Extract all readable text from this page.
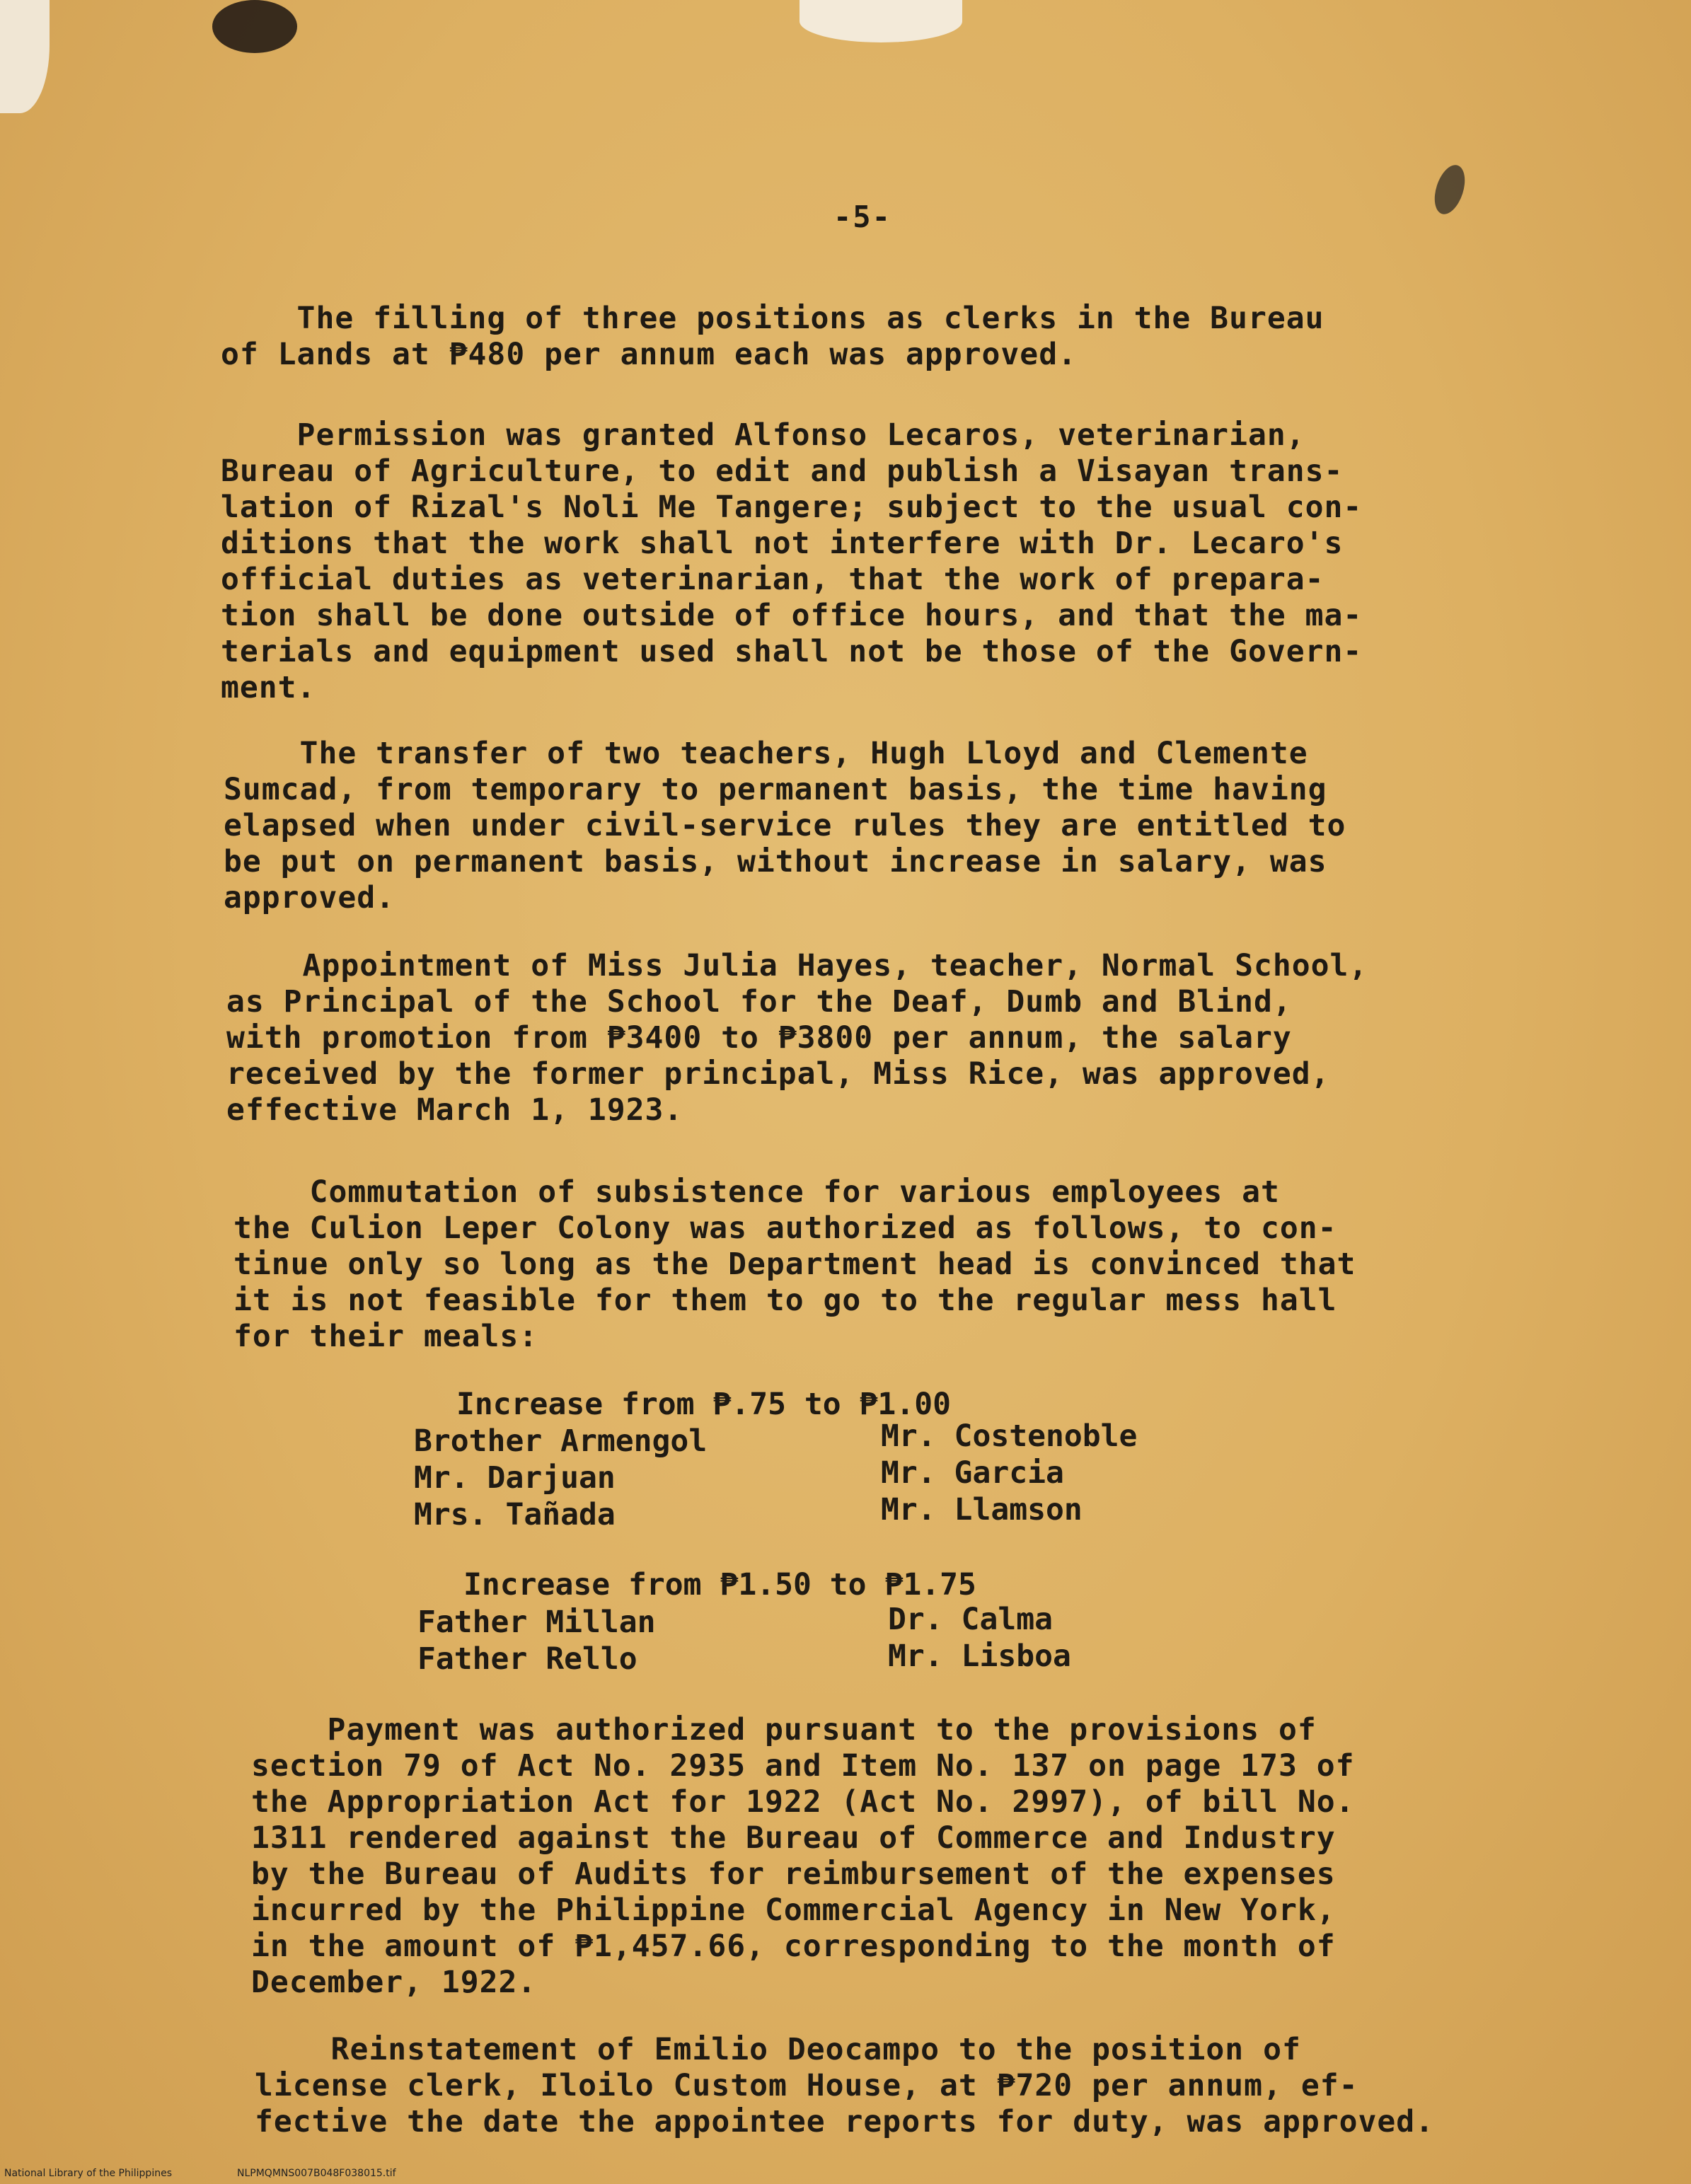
-5-

The filling of three positions as clerks in the Bureau
of Lands at ₱480 per annum each was approved.

Permission was granted Alfonso Lecaros, veterinarian,
Bureau of Agriculture, to edit and publish a Visayan trans-
lation of Rizal's Noli Me Tangere; subject to the usual con-
ditions that the work shall not interfere with Dr. Lecaro's
official duties as veterinarian, that the work of prepara-
tion shall be done outside of office hours, and that the ma-
terials and equipment used shall not be those of the Govern-
ment.

The transfer of two teachers, Hugh Lloyd and Clemente
Sumcad, from temporary to permanent basis, the time having
elapsed when under civil-service rules they are entitled to
be put on permanent basis, without increase in salary, was
approved.

Appointment of Miss Julia Hayes, teacher, Normal School,
as Principal of the School for the Deaf, Dumb and Blind,
with promotion from ₱3400 to ₱3800 per annum, the salary
received by the former principal, Miss Rice, was approved,
effective March 1, 1923.

Commutation of subsistence for various employees at
the Culion Leper Colony was authorized as follows, to con-
tinue only so long as the Department head is convinced that
it is not feasible for them to go to the regular mess hall
for their meals:

Increase from ₱.75 to ₱1.00
Brother Armengol
Mr. Darjuan
Mrs. Tañada
Mr. Costenoble
Mr. Garcia
Mr. Llamson
Increase from ₱1.50 to ₱1.75
Father Millan
Father Rello
Dr. Calma
Mr. Lisboa

Payment was authorized pursuant to the provisions of
section 79 of Act No. 2935 and Item No. 137 on page 173 of
the Appropriation Act for 1922 (Act No. 2997), of bill No.
1311 rendered against the Bureau of Commerce and Industry
by the Bureau of Audits for reimbursement of the expenses
incurred by the Philippine Commercial Agency in New York,
in the amount of ₱1,457.66, corresponding to the month of
December, 1922.

Reinstatement of Emilio Deocampo to the position of
license clerk, Iloilo Custom House, at ₱720 per annum, ef-
fective the date the appointee reports for duty, was approved.

National Library of the Philippines	NLPMQMNS007B048F038015.tif
